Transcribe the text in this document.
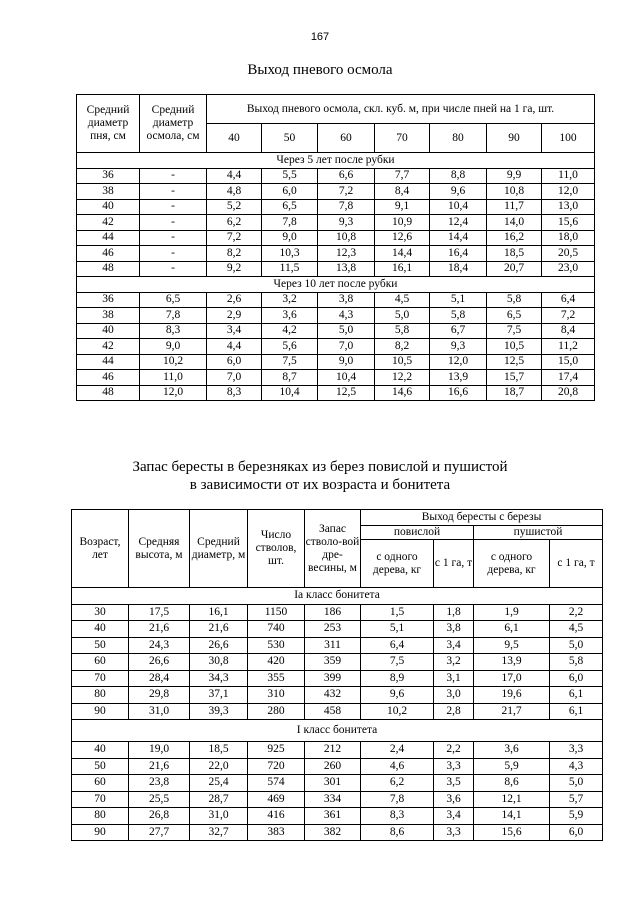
167
Выход пневого осмола
Средний диаметр пня, см	Средний диаметр осмола, см	Выход пневого осмола, скл. куб. м, при числе пней на 1 га, шт.						
		40	50	60	70	80	90	100
Через 5 лет после рубки								
36	-	4,4	5,5	6,6	7,7	8,8	9,9	11,0
38	-	4,8	6,0	7,2	8,4	9,6	10,8	12,0
40	-	5,2	6,5	7,8	9,1	10,4	11,7	13,0
42	-	6,2	7,8	9,3	10,9	12,4	14,0	15,6
44	-	7,2	9,0	10,8	12,6	14,4	16,2	18,0
46	-	8,2	10,3	12,3	14,4	16,4	18,5	20,5
48	-	9,2	11,5	13,8	16,1	18,4	20,7	23,0
Через 10 лет после рубки								
36	6,5	2,6	3,2	3,8	4,5	5,1	5,8	6,4
38	7,8	2,9	3,6	4,3	5,0	5,8	6,5	7,2
40	8,3	3,4	4,2	5,0	5,8	6,7	7,5	8,4
42	9,0	4,4	5,6	7,0	8,2	9,3	10,5	11,2
44	10,2	6,0	7,5	9,0	10,5	12,0	12,5	15,0
46	11,0	7,0	8,7	10,4	12,2	13,9	15,7	17,4
48	12,0	8,3	10,4	12,5	14,6	16,6	18,7	20,8
Запас бересты в березняках из берез повислой и пушистой
в зависимости от их возраста и бонитета
Возраст, лет	Средняя высота, м	Средний диаметр, м	Число стволов, шт.	Запас стволо-вой дре-весины, м	Выход бересты с березы			
					повислой		пушистой	
					с одного дерева, кг	с 1 га, т	с одного дерева, кг	с 1 га, т
Iа класс бонитета								
30	17,5	16,1	1150	186	1,5	1,8	1,9	2,2
40	21,6	21,6	740	253	5,1	3,8	6,1	4,5
50	24,3	26,6	530	311	6,4	3,4	9,5	5,0
60	26,6	30,8	420	359	7,5	3,2	13,9	5,8
70	28,4	34,3	355	399	8,9	3,1	17,0	6,0
80	29,8	37,1	310	432	9,6	3,0	19,6	6,1
90	31,0	39,3	280	458	10,2	2,8	21,7	6,1
I класс бонитета								
40	19,0	18,5	925	212	2,4	2,2	3,6	3,3
50	21,6	22,0	720	260	4,6	3,3	5,9	4,3
60	23,8	25,4	574	301	6,2	3,5	8,6	5,0
70	25,5	28,7	469	334	7,8	3,6	12,1	5,7
80	26,8	31,0	416	361	8,3	3,4	14,1	5,9
90	27,7	32,7	383	382	8,6	3,3	15,6	6,0
